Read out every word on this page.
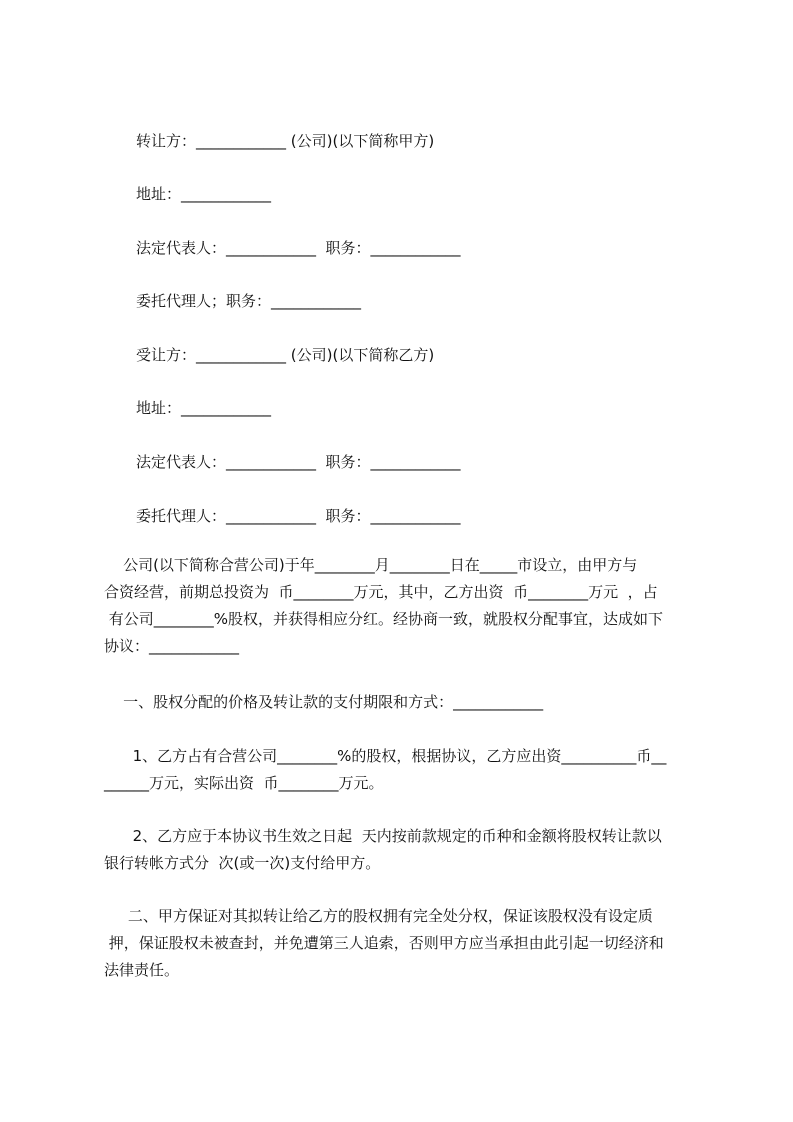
转让方：____________ (公司)(以下简称甲方)
地址：____________
法定代表人：____________  职务：____________
委托代理人；职务：____________
受让方：____________ (公司)(以下简称乙方)
地址：____________
法定代表人：____________  职务：____________
委托代理人：____________  职务：____________
公司(以下简称合营公司)于年________月________日在_____市设立，由甲方与
合资经营，前期总投资为  币________万元，其中，乙方出资  币________万元  ，占
有公司________%股权，并获得相应分红。经协商一致，就股权分配事宜，达成如下
协议：____________
一、股权分配的价格及转让款的支付期限和方式：____________
1、乙方占有合营公司________%的股权，根据协议，乙方应出资__________币__
______万元，实际出资  币________万元。
2、乙方应于本协议书生效之日起  天内按前款规定的币种和金额将股权转让款以
银行转帐方式分  次(或一次)支付给甲方。
二、甲方保证对其拟转让给乙方的股权拥有完全处分权，保证该股权没有设定质
押，保证股权未被查封，并免遭第三人追索，否则甲方应当承担由此引起一切经济和
法律责任。
